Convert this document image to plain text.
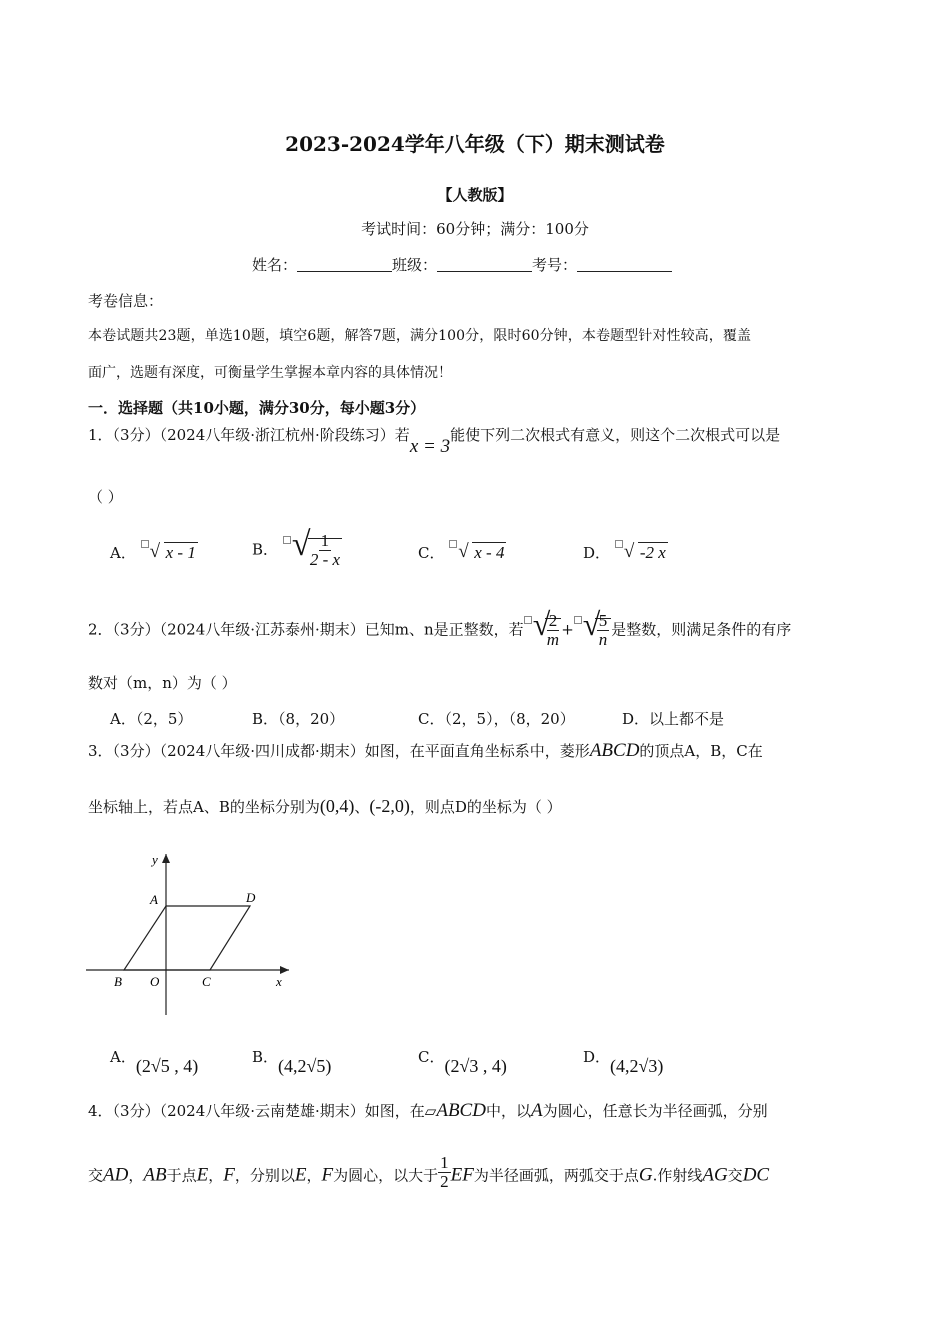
2023-2024学年八年级（下）期末测试卷
【人教版】
考试时间：60分钟；满分：100分
姓名：	班级：	考号：
考卷信息：
本卷试题共23题，单选10题，填空6题，解答7题，满分100分，限时60分钟，本卷题型针对性较高，覆盖
面广，选题有深度，可衡量学生掌握本章内容的具体情况！
一．选择题（共10小题，满分30分，每小题3分）
1．（3分）（2024八年级·浙江杭州·阶段练习）若x = 3能使下列二次根式有意义，则这个二次根式可以是
（ ）
A． √ x - 1	B． √ $\frac{1}{2 - x}$	C． √ x - 4	D． √ -2 x
2．（3分）（2024八年级·江苏泰州·期末）已知m、n是正整数，若 √
$\frac{2}{m}$ + √
$\frac{5}{n}$ 是整数，则满足条件的有序
数对（m，n）为（ ）
A．（2，5）	B．（8，20）	C．（2，5），（8，20）	D．以上都不是
3．（3分）（2024八年级·四川成都·期末）如图，在平面直角坐标系中，菱形ABCD的顶点A，B，C在
坐标轴上，若点A、B的坐标分别为(0,4)、(-2,0)，则点D的坐标为（ ）
y
A	D
B O	C	x
A．(2√5 , 4)	B．(4,2√5)	C．(2√3 , 4)	D．(4,2√3)
4．（3分）（2024八年级·云南楚雄·期末）如图，在▱ABCD中，以A为圆心，任意长为半径画弧，分别
交AD，AB于点E，F，分别以E，F为圆心，以大于 $\frac{1}{2}$ EF为半径画弧，两弧交于点G.作射线AG交DC
